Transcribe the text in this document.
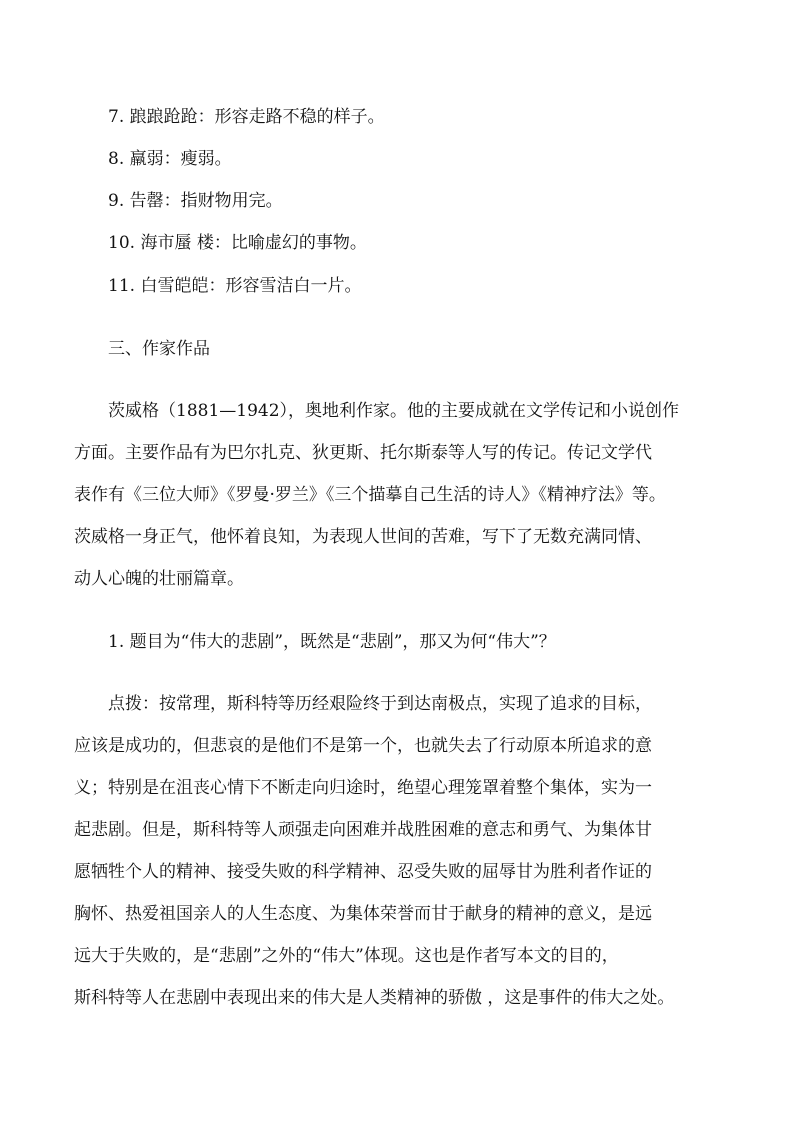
7. 踉踉跄跄：形容走路不稳的样子。
8. 羸弱：瘦弱。
9. 告罄：指财物用完。
10. 海市蜃 楼：比喻虚幻的事物。
11. 白雪皑皑：形容雪洁白一片。
三、作家作品
茨威格（1881—1942），奥地利作家。他的主要成就在文学传记和小说创作
方面。主要作品有为巴尔扎克、狄更斯、托尔斯泰等人写的传记。传记文学代
表作有《三位大师》《罗曼·罗兰》《三个描摹自己生活的诗人》《精神疗法》等。
茨威格一身正气，他怀着良知，为表现人世间的苦难，写下了无数充满同情、
动人心魄的壮丽篇章。
1. 题目为“伟大的悲剧”，既然是“悲剧”，那又为何“伟大”？
点拨：按常理，斯科特等历经艰险终于到达南极点，实现了追求的目标，
应该是成功的，但悲哀的是他们不是第一个，也就失去了行动原本所追求的意
义；特别是在沮丧心情下不断走向归途时，绝望心理笼罩着整个集体，实为一
起悲剧。但是，斯科特等人顽强走向困难并战胜困难的意志和勇气、为集体甘
愿牺牲个人的精神、接受失败的科学精神、忍受失败的屈辱甘为胜利者作证的
胸怀、热爱祖国亲人的人生态度、为集体荣誉而甘于献身的精神的意义，是远
远大于失败的，是“悲剧”之外的“伟大”体现。这也是作者写本文的目的，
斯科特等人在悲剧中表现出来的伟大是人类精神的骄傲 ，这是事件的伟大之处。
